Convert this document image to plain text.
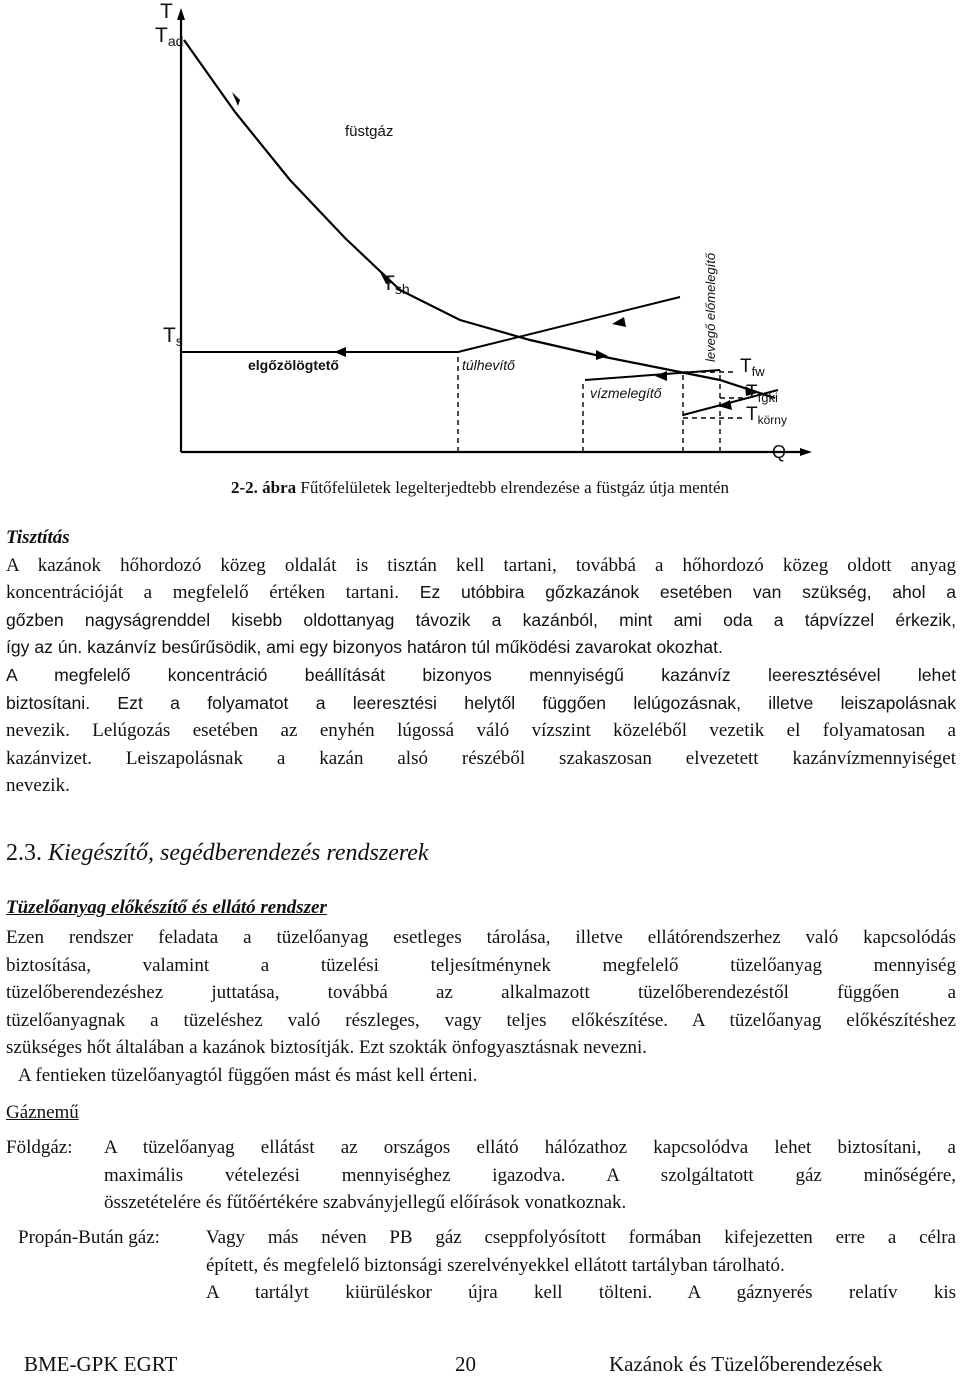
T
Q
Tad
Tsh
Ts
$T_{fw}$
$T_{fgki}$
$T_{körny}$
füstgáz
elgőzölögtető	túlhevítő
vízmelegítő
levegő előmelegítő
2-2. ábra Fűtőfelületek legelterjedtebb elrendezése a füstgáz útja mentén
Tisztítás
A kazánok hőhordozó közeg oldalát is tisztán kell tartani, továbbá a hőhordozó közeg oldott anyag
koncentrációját a megfelelő értéken tartani. Ez utóbbira gőzkazánok esetében van szükség, ahol a
gőzben nagyságrenddel kisebb oldottanyag távozik a kazánból, mint ami oda a tápvízzel érkezik,
így az ún. kazánvíz besűrűsödik, ami egy bizonyos határon túl működési zavarokat okozhat.
A megfelelő koncentráció beállítását bizonyos mennyiségű kazánvíz leeresztésével lehet
biztosítani. Ezt a folyamatot a leeresztési helytől függően lelúgozásnak, illetve leiszapolásnak
nevezik. Lelúgozás esetében az enyhén lúgossá váló vízszint közeléből vezetik el folyamatosan a
kazánvizet. Leiszapolásnak a kazán alsó részéből szakaszosan elvezetett kazánvízmennyiséget
nevezik.
2.3. Kiegészítő, segédberendezés rendszerek
Tüzelőanyag előkészítő és ellátó rendszer
Ezen rendszer feladata a tüzelőanyag esetleges tárolása, illetve ellátórendszerhez való kapcsolódás
biztosítása, valamint a tüzelési teljesítménynek megfelelő tüzelőanyag mennyiség
tüzelőberendezéshez juttatása, továbbá az alkalmazott tüzelőberendezéstől függően a
tüzelőanyagnak a tüzeléshez való részleges, vagy teljes előkészítése. A tüzelőanyag előkészítéshez
szükséges hőt általában a kazánok biztosítják. Ezt szokták önfogyasztásnak nevezni.
A fentieken tüzelőanyagtól függően mást és mást kell érteni.
Gáznemű
Földgáz: A tüzelőanyag ellátást az országos ellátó hálózathoz kapcsolódva lehet biztosítani, a
maximális vételezési mennyiséghez igazodva. A szolgáltatott gáz minőségére,
összetételére és fűtőértékére szabványjellegű előírások vonatkoznak.
Propán-Bután gáz: Vagy más néven PB gáz cseppfolyósított formában kifejezetten erre a célra
épített, és megfelelő biztonsági szerelvényekkel ellátott tartályban tárolható.
A tartályt kiürüléskor újra kell tölteni. A gáznyerés relatív kis
BME-GPK EGRT	20	Kazánok és Tüzelőberendezések
